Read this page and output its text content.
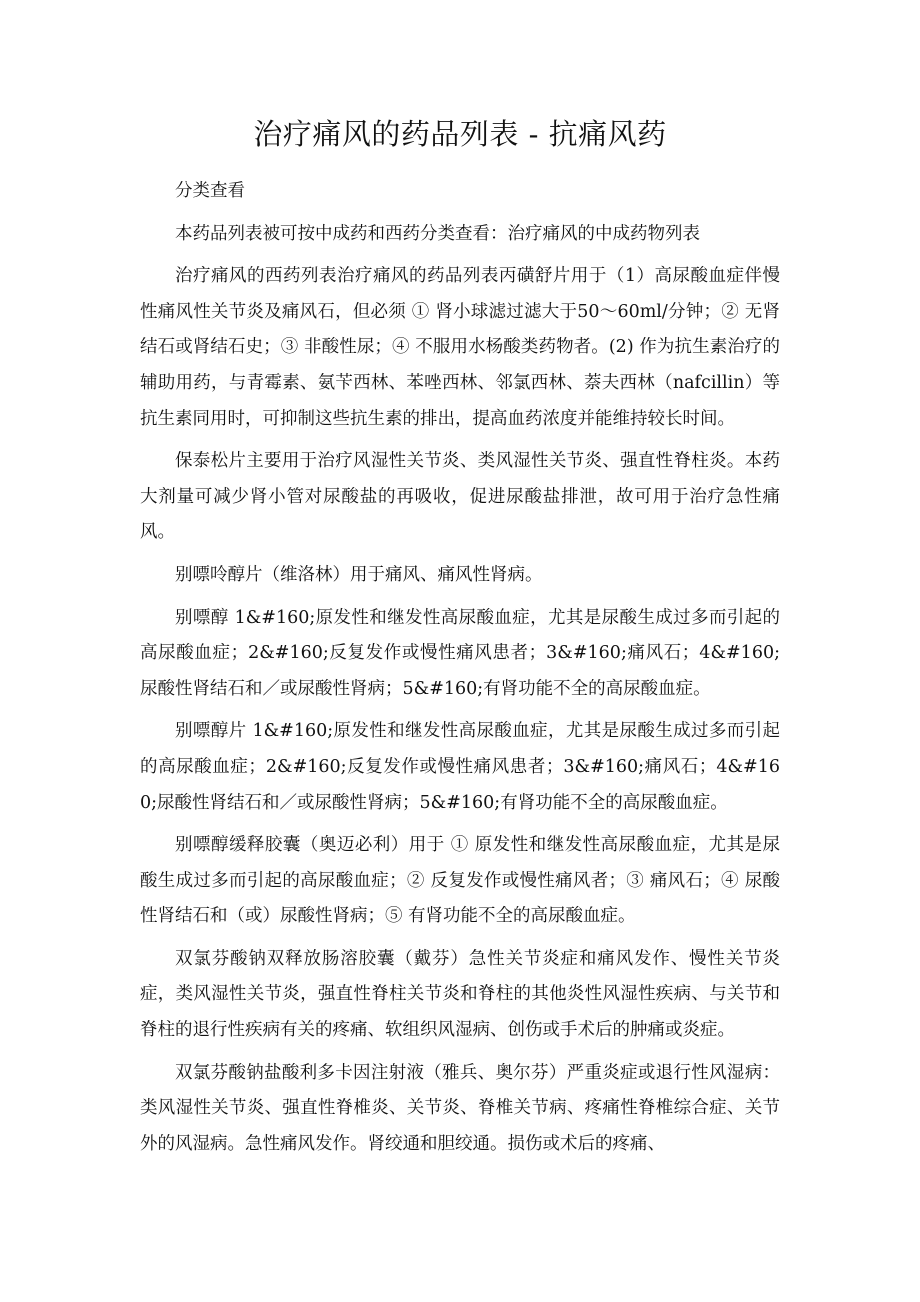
治疗痛风的药品列表 - 抗痛风药

分类查看

本药品列表被可按中成药和西药分类查看：治疗痛风的中成药物列表

治疗痛风的西药列表治疗痛风的药品列表丙磺舒片用于（1）高尿酸血症伴慢性痛风性关节炎及痛风石，但必须 ① 肾小球滤过滤大于50～60ml/分钟；② 无肾结石或肾结石史；③ 非酸性尿；④ 不服用水杨酸类药物者。(2) 作为抗生素治疗的辅助用药，与青霉素、氨苄西林、苯唑西林、邻氯西林、萘夫西林（nafcillin）等抗生素同用时，可抑制这些抗生素的排出，提高血药浓度并能维持较长时间。

保泰松片主要用于治疗风湿性关节炎、类风湿性关节炎、强直性脊柱炎。本药大剂量可减少肾小管对尿酸盐的再吸收，促进尿酸盐排泄，故可用于治疗急性痛风。

别嘌呤醇片（维洛林）用于痛风、痛风性肾病。

别嘌醇 1&#160;原发性和继发性高尿酸血症，尤其是尿酸生成过多而引起的高尿酸血症；2&#160;反复发作或慢性痛风患者；3&#160;痛风石；4&#160;尿酸性肾结石和／或尿酸性肾病；5&#160;有肾功能不全的高尿酸血症。

别嘌醇片 1&#160;原发性和继发性高尿酸血症，尤其是尿酸生成过多而引起的高尿酸血症；2&#160;反复发作或慢性痛风患者；3&#160;痛风石；4&#160;尿酸性肾结石和／或尿酸性肾病；5&#160;有肾功能不全的高尿酸血症。

别嘌醇缓释胶囊（奥迈必利）用于 ① 原发性和继发性高尿酸血症，尤其是尿酸生成过多而引起的高尿酸血症；② 反复发作或慢性痛风者；③ 痛风石；④ 尿酸性肾结石和（或）尿酸性肾病；⑤ 有肾功能不全的高尿酸血症。

双氯芬酸钠双释放肠溶胶囊（戴芬）急性关节炎症和痛风发作、慢性关节炎症，类风湿性关节炎，强直性脊柱关节炎和脊柱的其他炎性风湿性疾病、与关节和脊柱的退行性疾病有关的疼痛、软组织风湿病、创伤或手术后的肿痛或炎症。

双氯芬酸钠盐酸利多卡因注射液（雅兵、奥尔芬）严重炎症或退行性风湿病：类风湿性关节炎、强直性脊椎炎、关节炎、脊椎关节病、疼痛性脊椎综合症、关节外的风湿病。急性痛风发作。肾绞通和胆绞通。损伤或术后的疼痛、
